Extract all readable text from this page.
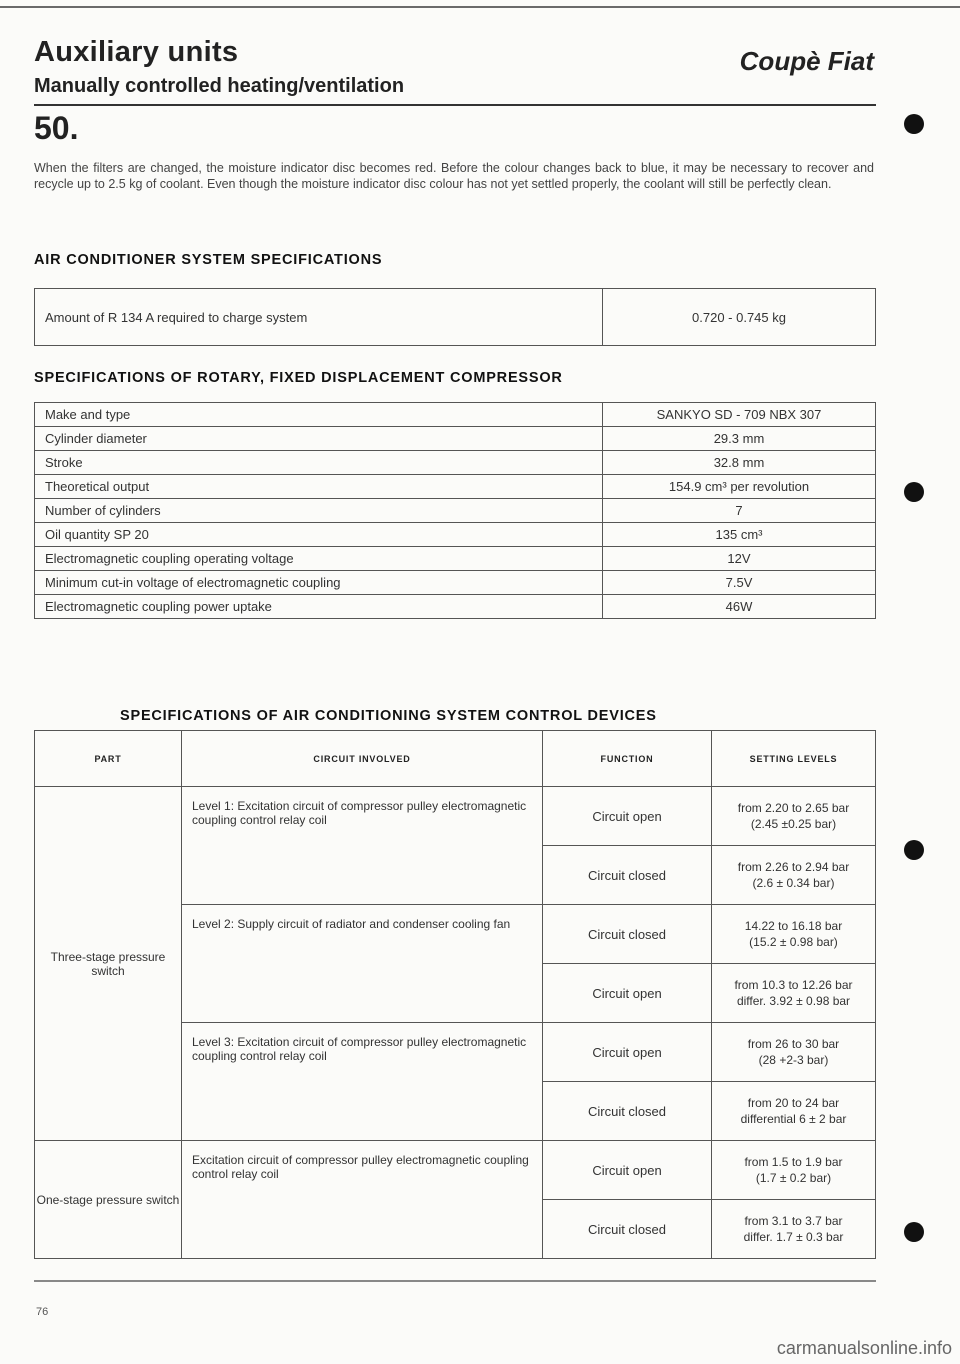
Auxiliary units	Coupè Fiat
Manually controlled heating/ventilation
50.
When the filters are changed, the moisture indicator disc becomes red. Before the colour changes back to blue, it may be necessary to recover and recycle up to 2.5 kg of coolant. Even though the moisture indicator disc colour has not yet settled properly, the coolant will still be perfectly clean.
AIR CONDITIONER SYSTEM SPECIFICATIONS
Amount of R 134 A required to charge system	0.720 - 0.745 kg
SPECIFICATIONS OF ROTARY, FIXED DISPLACEMENT COMPRESSOR
Make and type	SANKYO SD - 709 NBX 307
Cylinder diameter	29.3 mm
Stroke	32.8 mm
Theoretical output	154.9 cm³ per revolution
Number of cylinders	7
Oil quantity SP 20	135 cm³
Electromagnetic coupling operating voltage	12V
Minimum cut-in voltage of electromagnetic coupling	7.5V
Electromagnetic coupling power uptake	46W
SPECIFICATIONS OF AIR CONDITIONING SYSTEM CONTROL DEVICES
PART	CIRCUIT INVOLVED	FUNCTION	SETTING LEVELS
Three-stage pressure switch	Level 1: Excitation circuit of compressor pulley electromagnetic coupling control relay coil	Circuit open	from 2.20 to 2.65 bar
(2.45 ±0.25 bar)

		Circuit closed	from 2.26 to 2.94 bar
(2.6 ± 0.34 bar)

	Level 2: Supply circuit of radiator and condenser cooling fan	Circuit closed	14.22 to 16.18 bar
(15.2 ± 0.98 bar)

		Circuit open	from 10.3 to 12.26 bar
differ. 3.92 ± 0.98 bar

	Level 3: Excitation circuit of compressor pulley electromagnetic coupling control relay coil	Circuit open	from 26 to 30 bar
(28 +2-3 bar)

		Circuit closed	from 20 to 24 bar
differential 6 ± 2 bar

One-stage pressure switch	Excitation circuit of compressor pulley electromagnetic coupling control relay coil	Circuit open	from 1.5 to 1.9 bar
(1.7 ± 0.2 bar)

		Circuit closed	from 3.1 to 3.7 bar
differ. 1.7 ± 0.3 bar
76
carmanualsonline.info
